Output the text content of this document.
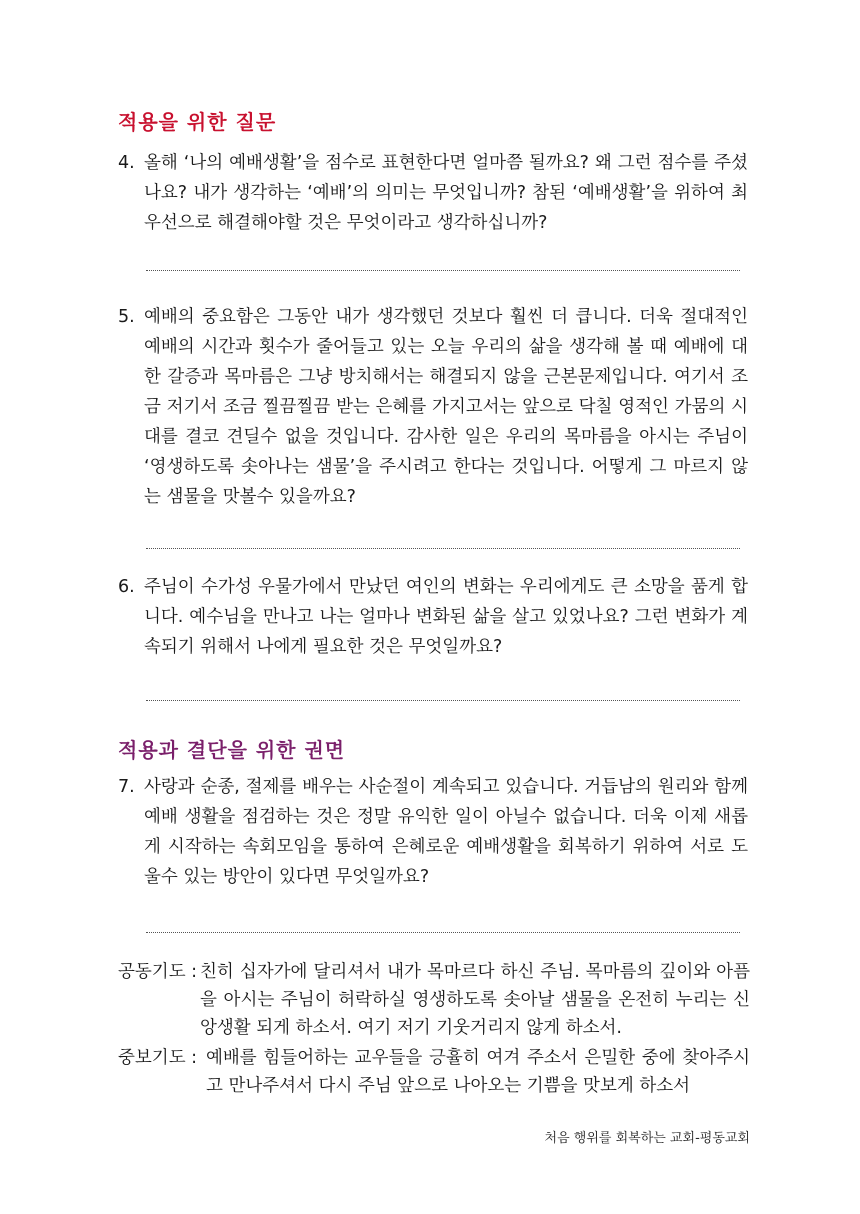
적용을 위한 질문
4. 올해 ‘나의 예배생활’을 점수로 표현한다면 얼마쯤 될까요? 왜 그런 점수를 주셨나요? 내가 생각하는 ‘예배’의 의미는 무엇입니까? 참된 ‘예배생활’을 위하여 최우선으로 해결해야할 것은 무엇이라고 생각하십니까?
5. 예배의 중요함은 그동안 내가 생각했던 것보다 훨씬 더 큽니다. 더욱 절대적인 예배의 시간과 횟수가 줄어들고 있는 오늘 우리의 삶을 생각해 볼 때 예배에 대한 갈증과 목마름은 그냥 방치해서는 해결되지 않을 근본문제입니다. 여기서 조금 저기서 조금 찔끔찔끔 받는 은혜를 가지고서는 앞으로 닥칠 영적인 가뭄의 시대를 결코 견딜수 없을 것입니다. 감사한 일은 우리의 목마름을 아시는 주님이 ‘영생하도록 솟아나는 샘물’을 주시려고 한다는 것입니다. 어떻게 그 마르지 않는 샘물을 맛볼수 있을까요?
6. 주님이 수가성 우물가에서 만났던 여인의 변화는 우리에게도 큰 소망을 품게 합니다. 예수님을 만나고 나는 얼마나 변화된 삶을 살고 있었나요? 그런 변화가 계속되기 위해서 나에게 필요한 것은 무엇일까요?
적용과 결단을 위한 권면
7. 사랑과 순종, 절제를 배우는 사순절이 계속되고 있습니다. 거듭남의 원리와 함께 예배 생활을 점검하는 것은 정말 유익한 일이 아닐수 없습니다. 더욱 이제 새롭게 시작하는 속회모임을 통하여 은혜로운 예배생활을 회복하기 위하여 서로 도울수 있는 방안이 있다면 무엇일까요?
공동기도 : 친히 십자가에 달리셔서 내가 목마르다 하신 주님. 목마름의 깊이와 아픔을 아시는 주님이 허락하실 영생하도록 솟아날 샘물을 온전히 누리는 신앙생활 되게 하소서. 여기 저기 기웃거리지 않게 하소서.
중보기도 : 예배를 힘들어하는 교우들을 긍휼히 여겨 주소서 은밀한 중에 찾아주시고 만나주셔서 다시 주님 앞으로 나아오는 기쁨을 맛보게 하소서
처음 행위를 회복하는 교회-평동교회
